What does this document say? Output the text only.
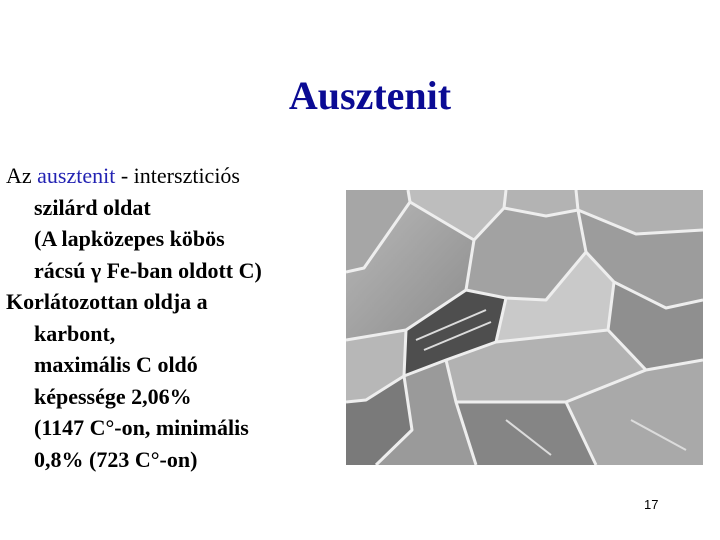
Ausztenit

Az ausztenit - interszticiós
szilárd oldat
(A lapközepes köbös
rácsú γ Fe-ban oldott C)

Korlátozottan oldja a
karbont,
maximális C oldó
képessége 2,06%
(1147 C°-on, minimális
0,8% (723 C°-on)

17
